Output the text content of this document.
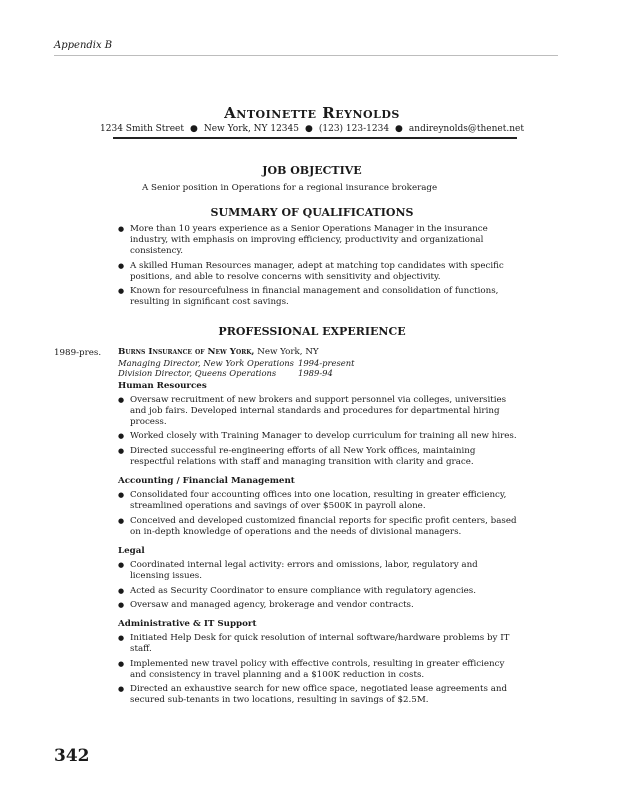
Appendix B
Antoinette Reynolds
1234 Smith Street ● New York, NY 12345 ● (123) 123-1234 ● andireynolds@thenet.net
JOB OBJECTIVE
A Senior position in Operations for a regional insurance brokerage
SUMMARY OF QUALIFICATIONS
● More than 10 years experience as a Senior Operations Manager in the insurance industry, with emphasis on improving efficiency, productivity and organizational consistency.
● A skilled Human Resources manager, adept at matching top candidates with specific positions, and able to resolve concerns with sensitivity and objectivity.
● Known for resourcefulness in financial management and consolidation of functions, resulting in significant cost savings.
PROFESSIONAL EXPERIENCE
1989-pres. Burns Insurance of New York, New York, NY
Managing Director, New York Operations 1994-present
Division Director, Queens Operations	1989-94
Human Resources
● Oversaw recruitment of new brokers and support personnel via colleges, universities and job fairs. Developed internal standards and procedures for departmental hiring process.
● Worked closely with Training Manager to develop curriculum for training all new hires.
● Directed successful re-engineering efforts of all New York offices, maintaining respectful relations with staff and managing transition with clarity and grace.
Accounting / Financial Management
● Consolidated four accounting offices into one location, resulting in greater efficiency, streamlined operations and savings of over $500K in payroll alone.
● Conceived and developed customized financial reports for specific profit centers, based on in-depth knowledge of operations and the needs of divisional managers.
Legal
● Coordinated internal legal activity: errors and omissions, labor, regulatory and licensing issues.
● Acted as Security Coordinator to ensure compliance with regulatory agencies.
● Oversaw and managed agency, brokerage and vendor contracts.
Administrative & IT Support
● Initiated Help Desk for quick resolution of internal software/hardware problems by IT staff.
● Implemented new travel policy with effective controls, resulting in greater efficiency and consistency in travel planning and a $100K reduction in costs.
● Directed an exhaustive search for new office space, negotiated lease agreements and secured sub-tenants in two locations, resulting in savings of $2.5M.
342
